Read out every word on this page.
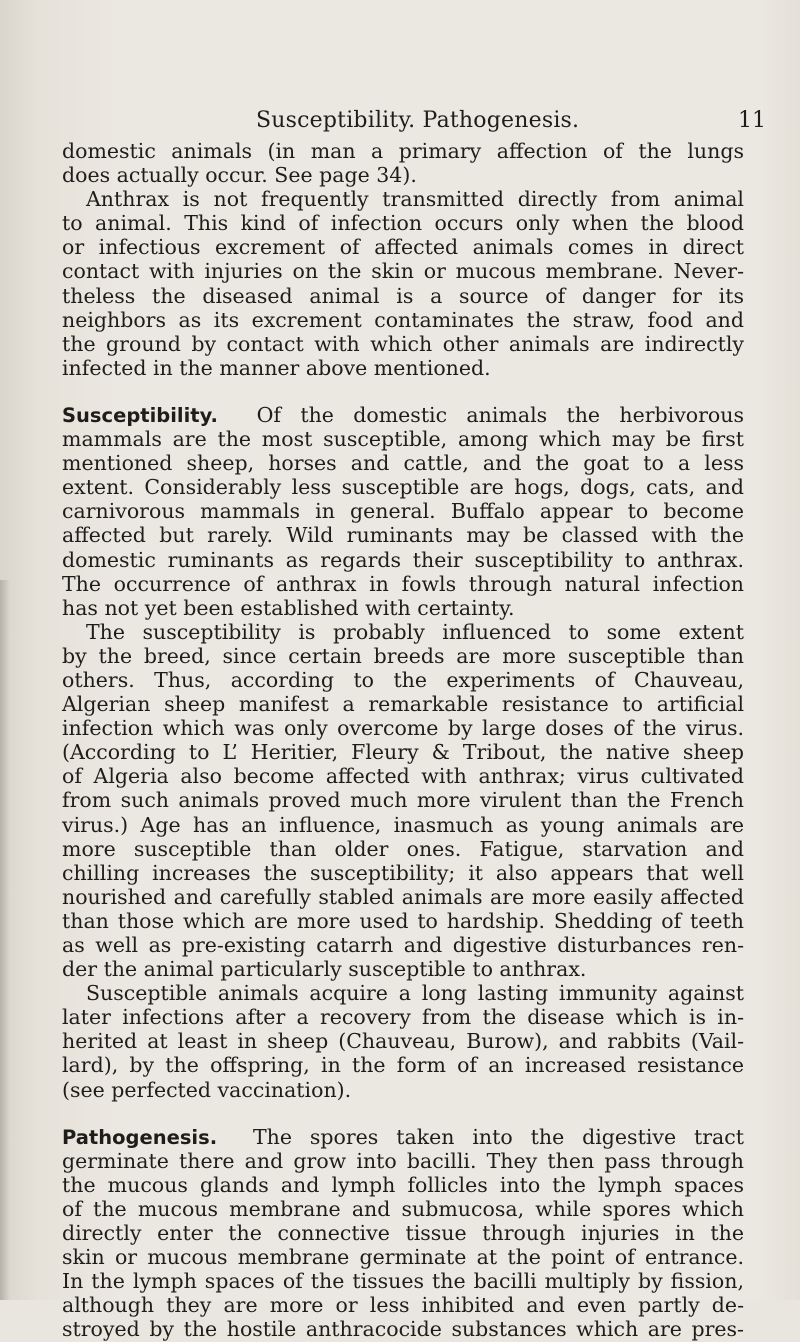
Susceptibility. Pathogenesis.	11
domestic animals (in man a primary affection of the lungs
does actually occur. See page 34).
Anthrax is not frequently transmitted directly from animal
to animal. This kind of infection occurs only when the blood
or infectious excrement of affected animals comes in direct
contact with injuries on the skin or mucous membrane. Never-
theless the diseased animal is a source of danger for its
neighbors as its excrement contaminates the straw, food and
the ground by contact with which other animals are indirectly
infected in the manner above mentioned.
Susceptibility. Of the domestic animals the herbivorous
mammals are the most susceptible, among which may be first
mentioned sheep, horses and cattle, and the goat to a less
extent. Considerably less susceptible are hogs, dogs, cats, and
carnivorous mammals in general. Buffalo appear to become
affected but rarely. Wild ruminants may be classed with the
domestic ruminants as regards their susceptibility to anthrax.
The occurrence of anthrax in fowls through natural infection
has not yet been established with certainty.
The susceptibility is probably influenced to some extent
by the breed, since certain breeds are more susceptible than
others. Thus, according to the experiments of Chauveau,
Algerian sheep manifest a remarkable resistance to artificial
infection which was only overcome by large doses of the virus.
(According to L’ Heritier, Fleury & Tribout, the native sheep
of Algeria also become affected with anthrax; virus cultivated
from such animals proved much more virulent than the French
virus.) Age has an influence, inasmuch as young animals are
more susceptible than older ones. Fatigue, starvation and
chilling increases the susceptibility; it also appears that well
nourished and carefully stabled animals are more easily affected
than those which are more used to hardship. Shedding of teeth
as well as pre-existing catarrh and digestive disturbances ren-
der the animal particularly susceptible to anthrax.
Susceptible animals acquire a long lasting immunity against
later infections after a recovery from the disease which is in-
herited at least in sheep (Chauveau, Burow), and rabbits (Vail-
lard), by the offspring, in the form of an increased resistance
(see perfected vaccination).
Pathogenesis. The spores taken into the digestive tract
germinate there and grow into bacilli. They then pass through
the mucous glands and lymph follicles into the lymph spaces
of the mucous membrane and submucosa, while spores which
directly enter the connective tissue through injuries in the
skin or mucous membrane germinate at the point of entrance.
In the lymph spaces of the tissues the bacilli multiply by fission,
although they are more or less inhibited and even partly de-
stroyed by the hostile anthracocide substances which are pres-
